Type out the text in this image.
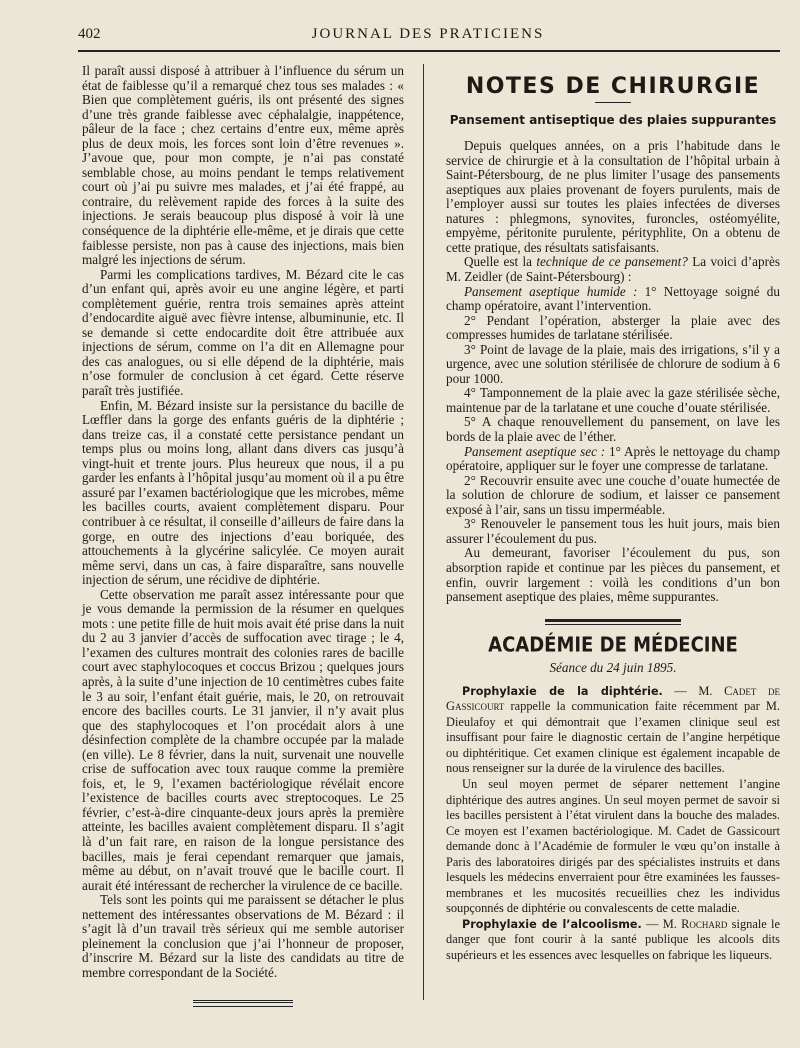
402	JOURNAL DES PRATICIENS

Il paraît aussi disposé à attribuer à l’influence du sérum un état de faiblesse qu’il a remarqué chez tous ses malades : « Bien que complètement guéris, ils ont présenté des signes d’une très grande faiblesse avec céphalalgie, inappétence, pâleur de la face ; chez certains d’entre eux, même après plus de deux mois, les forces sont loin d’être revenues ». J’avoue que, pour mon compte, je n’ai pas constaté semblable chose, au moins pendant le temps relativement court où j’ai pu suivre mes malades, et j’ai été frappé, au contraire, du relèvement rapide des forces à la suite des injections. Je serais beaucoup plus disposé à voir là une conséquence de la diphtérie elle-même, et je dirais que cette faiblesse persiste, non pas à cause des injections, mais bien malgré les injections de sérum.

Parmi les complications tardives, M. Bézard cite le cas d’un enfant qui, après avoir eu une angine légère, et parti complètement guérie, rentra trois semaines après atteint d’endocardite aiguë avec fièvre intense, albuminunie, etc. Il se demande si cette endocardite doit être attribuée aux injections de sérum, comme on l’a dit en Allemagne pour des cas analogues, ou si elle dépend de la diphtérie, mais n’ose formuler de conclusion à cet égard. Cette réserve paraît très justifiée.

Enfin, M. Bézard insiste sur la persistance du bacille de Lœffler dans la gorge des enfants guéris de la diphtérie ; dans treize cas, il a constaté cette persistance pendant un temps plus ou moins long, allant dans divers cas jusqu’à vingt-huit et trente jours. Plus heureux que nous, il a pu garder les enfants à l’hôpital jusqu’au moment où il a pu être assuré par l’examen bactériologique que les microbes, même les bacilles courts, avaient complètement disparu. Pour contribuer à ce résultat, il conseille d’ailleurs de faire dans la gorge, en outre des injections d’eau boriquée, des attouchements à la glycérine salicylée. Ce moyen aurait même servi, dans un cas, à faire disparaître, sans nouvelle injection de sérum, une récidive de diphtérie.

Cette observation me paraît assez intéressante pour que je vous demande la permission de la résumer en quelques mots : une petite fille de huit mois avait été prise dans la nuit du 2 au 3 janvier d’accès de suffocation avec tirage ; le 4, l’examen des cultures montrait des colonies rares de bacille court avec staphylocoques et coccus Brizou ; quelques jours après, à la suite d’une injection de 10 centimètres cubes faite le 3 au soir, l’enfant était guérie, mais, le 20, on retrouvait encore des bacilles courts. Le 31 janvier, il n’y avait plus que des staphylocoques et l’on procédait alors à une désinfection complète de la chambre occupée par la malade (en ville). Le 8 février, dans la nuit, survenait une nouvelle crise de suffocation avec toux rauque comme la première fois, et, le 9, l’examen bactériologique révélait encore l’existence de bacilles courts avec streptocoques. Le 25 février, c’est-à-dire cinquante-deux jours après la première atteinte, les bacilles avaient complètement disparu. Il s’agit là d’un fait rare, en raison de la longue persistance des bacilles, mais je ferai cependant remarquer que jamais, même au début, on n’avait trouvé que le bacille court. Il aurait été intéressant de rechercher la virulence de ce bacille.

Tels sont les points qui me paraissent se détacher le plus nettement des intéressantes observations de M. Bézard : il s’agit là d’un travail très sérieux qui me semble autoriser pleinement la conclusion que j’ai l’honneur de proposer, d’inscrire M. Bézard sur la liste des candidats au titre de membre correspondant de la Société.

NOTES DE CHIRURGIE
Pansement antiseptique des plaies suppurantes

Depuis quelques années, on a pris l’habitude dans le service de chirurgie et à la consultation de l’hôpital urbain à Saint-Pétersbourg, de ne plus limiter l’usage des pansements aseptiques aux plaies provenant de foyers purulents, mais de l’employer aussi sur toutes les plaies infectées de diverses natures : phlegmons, synovites, furoncles, ostéomyélite, empyème, péritonite purulente, pérityphlite, On a obtenu de cette pratique, des résultats satisfaisants.

Quelle est la technique de ce pansement? La voici d’après M. Zeidler (de Saint-Pétersbourg) :

Pansement aseptique humide : 1° Nettoyage soigné du champ opératoire, avant l’intervention.

2° Pendant l’opération, absterger la plaie avec des compresses humides de tarlatane stérilisée.

3° Point de lavage de la plaie, mais des irrigations, s’il y a urgence, avec une solution stérilisée de chlorure de sodium à 6 pour 1000.

4° Tamponnement de la plaie avec la gaze stérilisée sèche, maintenue par de la tarlatane et une couche d’ouate stérilisée.

5° A chaque renouvellement du pansement, on lave les bords de la plaie avec de l’éther.

Pansement aseptique sec : 1° Après le nettoyage du champ opératoire, appliquer sur le foyer une compresse de tarlatane.

2° Recouvrir ensuite avec une couche d’ouate humectée de la solution de chlorure de sodium, et laisser ce pansement exposé à l’air, sans un tissu imperméable.

3° Renouveler le pansement tous les huit jours, mais bien assurer l’écoulement du pus.

Au demeurant, favoriser l’écoulement du pus, son absorption rapide et continue par les pièces du pansement, et enfin, ouvrir largement : voilà les conditions d’un bon pansement aseptique des plaies, même suppurantes.

ACADÉMIE DE MÉDECINE
Séance du 24 juin 1895.

Prophylaxie de la diphtérie. — M. Cadet de Gassicourt rappelle la communication faite récemment par M. Dieulafoy et qui démontrait que l’examen clinique seul est insuffisant pour faire le diagnostic certain de l’angine herpétique ou diphtéritique. Cet examen clinique est également incapable de nous renseigner sur la durée de la virulence des bacilles.

Un seul moyen permet de séparer nettement l’angine diphtérique des autres angines. Un seul moyen permet de savoir si les bacilles persistent à l’état virulent dans la bouche des malades. Ce moyen est l’examen bactériologique. M. Cadet de Gassicourt demande donc à l’Académie de formuler le vœu qu’on installe à Paris des laboratoires dirigés par des spécialistes instruits et dans lesquels les médecins enverraient pour être examinées les fausses-membranes et les mucosités recueillies chez les individus soupçonnés de diphtérie ou convalescents de cette maladie.

Prophylaxie de l’alcoolisme. — M. Rochard signale le danger que font courir à la santé publique les alcools dits supérieurs et les essences avec lesquelles on fabrique les liqueurs.
